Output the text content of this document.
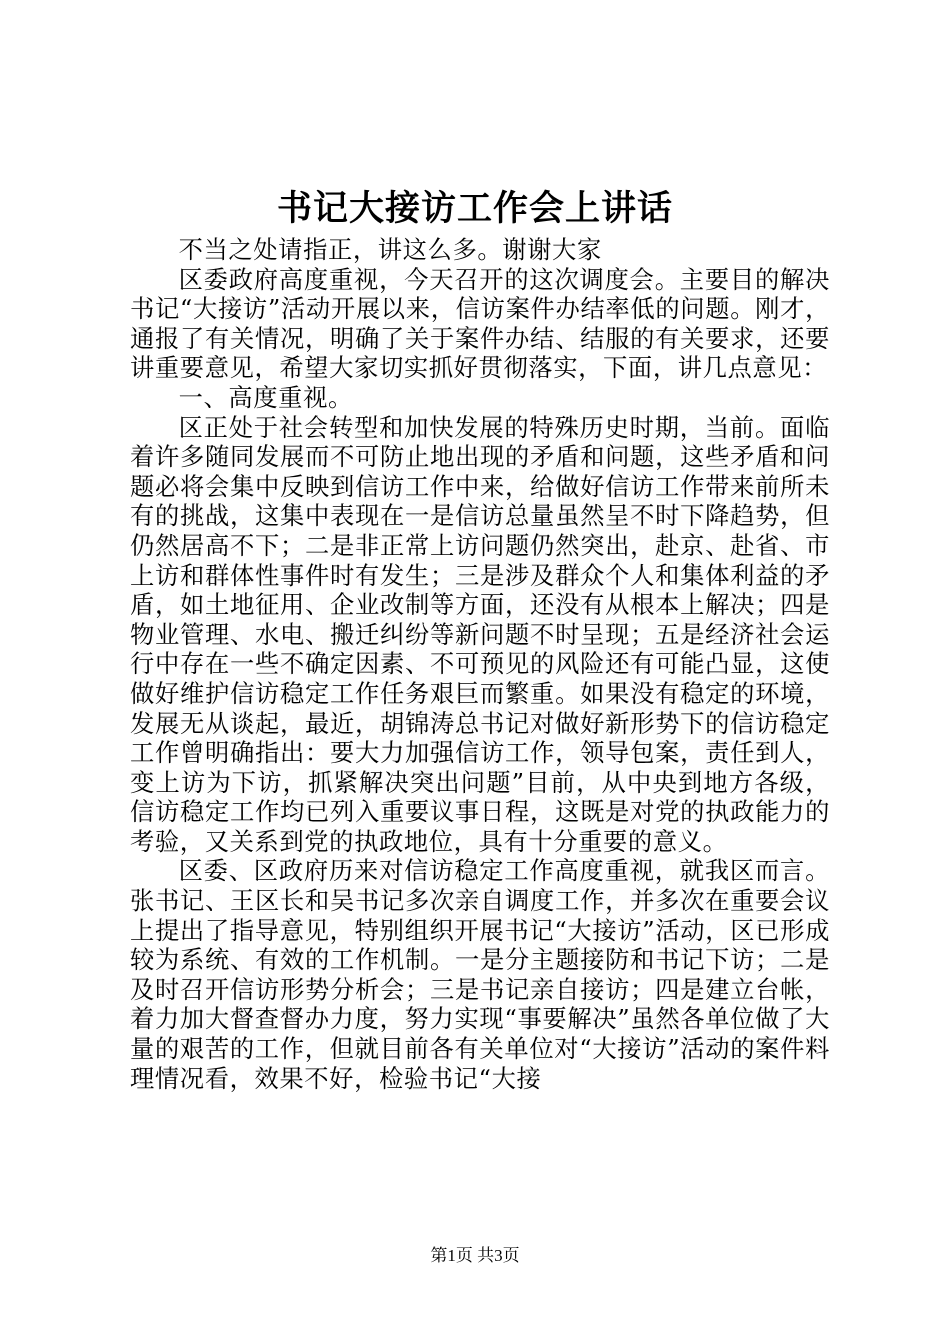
书记大接访工作会上讲话

不当之处请指正，讲这么多。谢谢大家

区委政府高度重视，今天召开的这次调度会。主要目的解决书记“大接访”活动开展以来，信访案件办结率低的问题。刚才，通报了有关情况，明确了关于案件办结、结服的有关要求，还要讲重要意见，希望大家切实抓好贯彻落实，下面，讲几点意见：

一、高度重视。

区正处于社会转型和加快发展的特殊历史时期，当前。面临着许多随同发展而不可防止地出现的矛盾和问题，这些矛盾和问题必将会集中反映到信访工作中来，给做好信访工作带来前所未有的挑战，这集中表现在一是信访总量虽然呈不时下降趋势，但仍然居高不下；二是非正常上访问题仍然突出，赴京、赴省、市上访和群体性事件时有发生；三是涉及群众个人和集体利益的矛盾，如土地征用、企业改制等方面，还没有从根本上解决；四是物业管理、水电、搬迁纠纷等新问题不时呈现；五是经济社会运行中存在一些不确定因素、不可预见的风险还有可能凸显，这使做好维护信访稳定工作任务艰巨而繁重。如果没有稳定的环境，发展无从谈起，最近，胡锦涛总书记对做好新形势下的信访稳定工作曾明确指出：要大力加强信访工作，领导包案，责任到人，变上访为下访，抓紧解决突出问题”目前，从中央到地方各级，信访稳定工作均已列入重要议事日程，这既是对党的执政能力的考验，又关系到党的执政地位，具有十分重要的意义。

区委、区政府历来对信访稳定工作高度重视，就我区而言。张书记、王区长和吴书记多次亲自调度工作，并多次在重要会议上提出了指导意见，特别组织开展书记“大接访”活动，区已形成较为系统、有效的工作机制。一是分主题接防和书记下访；二是及时召开信访形势分析会；三是书记亲自接访；四是建立台帐，着力加大督查督办力度，努力实现“事要解决”虽然各单位做了大量的艰苦的工作，但就目前各有关单位对“大接访”活动的案件料理情况看，效果不好，检验书记“大接

第1页 共3页
